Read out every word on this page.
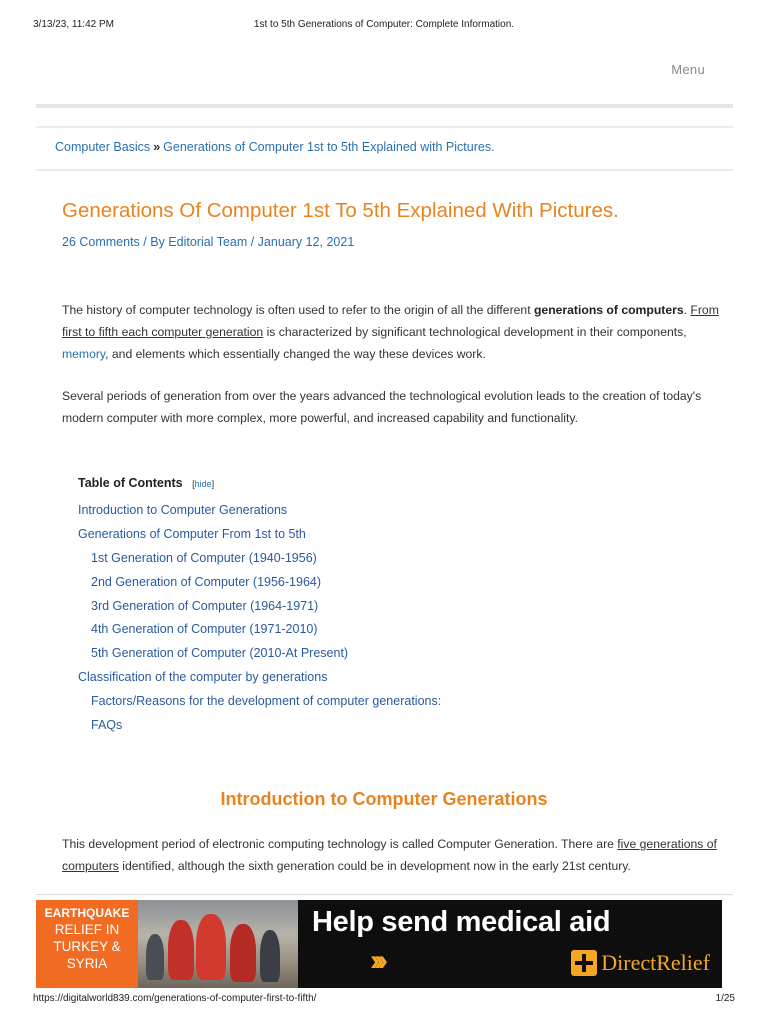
3/13/23, 11:42 PM	1st to 5th Generations of Computer: Complete Information.
Menu
Computer Basics » Generations of Computer 1st to 5th Explained with Pictures.
Generations Of Computer 1st To 5th Explained With Pictures.
26 Comments / By Editorial Team / January 12, 2021

The history of computer technology is often used to refer to the origin of all the different generations of computers. From first to fifth each computer generation is characterized by significant technological development in their components, memory, and elements which essentially changed the way these devices work.

Several periods of generation from over the years advanced the technological evolution leads to the creation of today's modern computer with more complex, more powerful, and increased capability and functionality.

Table of Contents [hide]
Introduction to Computer Generations
Generations of Computer From 1st to 5th
1st Generation of Computer (1940-1956)
2nd Generation of Computer (1956-1964)
3rd Generation of Computer (1964-1971)
4th Generation of Computer (1971-2010)
5th Generation of Computer (2010-At Present)
Classification of the computer by generations
Factors/Reasons for the development of computer generations:
FAQs
Introduction to Computer Generations

This development period of electronic computing technology is called Computer Generation. There are five generations of computers identified, although the sixth generation could be in development now in the early 21st century.

EARTHQUAKE
RELIEF IN
TURKEY &
SYRIA
Help send medical aid
›››	DirectRelief
https://digitalworld839.com/generations-of-computer-first-to-fifth/	1/25
